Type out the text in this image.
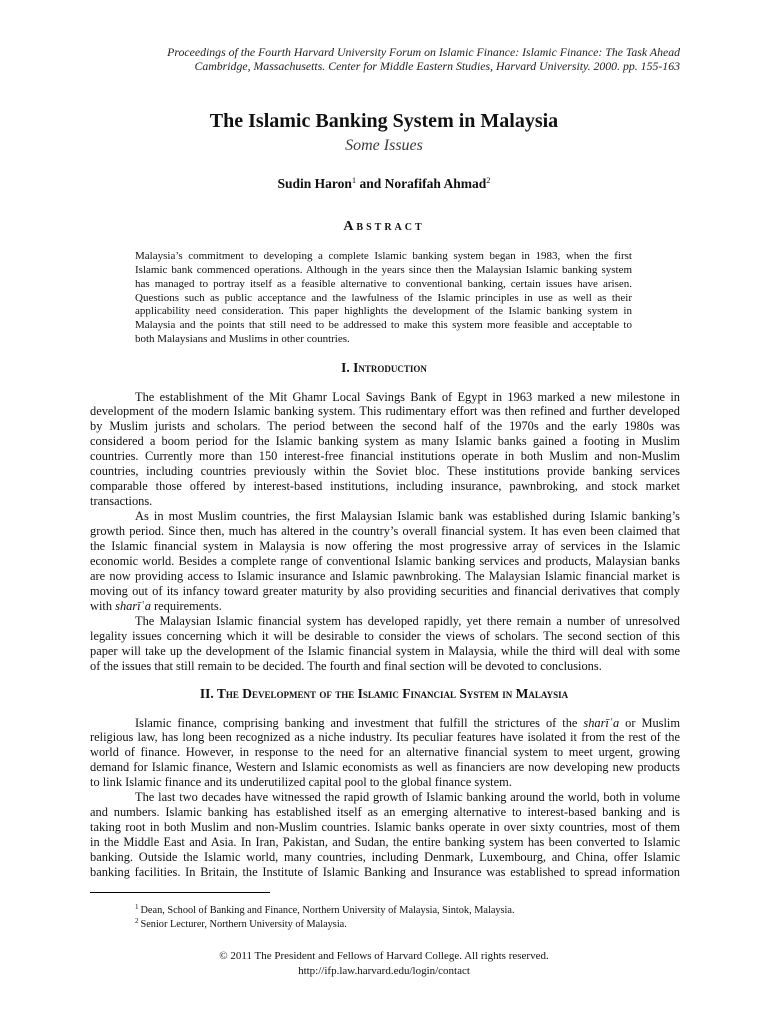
Proceedings of the Fourth Harvard University Forum on Islamic Finance: Islamic Finance: The Task Ahead
Cambridge, Massachusetts. Center for Middle Eastern Studies, Harvard University. 2000. pp. 155-163
The Islamic Banking System in Malaysia
Some Issues
Sudin Haron$^1$ and Norafifah Ahmad$^2$
Abstract
Malaysia’s commitment to developing a complete Islamic banking system began in 1983, when the first
Islamic bank commenced operations. Although in the years since then the Malaysian Islamic banking system
has managed to portray itself as a feasible alternative to conventional banking, certain issues have arisen.
Questions such as public acceptance and the lawfulness of the Islamic principles in use as well as their
applicability need consideration. This paper highlights the development of the Islamic banking system in
Malaysia and the points that still need to be addressed to make this system more feasible and acceptable to
both Malaysians and Muslims in other countries.
I. Introduction
The establishment of the Mit Ghamr Local Savings Bank of Egypt in 1963 marked a new milestone in
development of the modern Islamic banking system. This rudimentary effort was then refined and further developed
by Muslim jurists and scholars. The period between the second half of the 1970s and the early 1980s was
considered a boom period for the Islamic banking system as many Islamic banks gained a footing in Muslim
countries. Currently more than 150 interest-free financial institutions operate in both Muslim and non-Muslim
countries, including countries previously within the Soviet bloc. These institutions provide banking services
comparable those offered by interest-based institutions, including insurance, pawnbroking, and stock market
transactions.
As in most Muslim countries, the first Malaysian Islamic bank was established during Islamic banking’s
growth period. Since then, much has altered in the country’s overall financial system. It has even been claimed that
the Islamic financial system in Malaysia is now offering the most progressive array of services in the Islamic
economic world. Besides a complete range of conventional Islamic banking services and products, Malaysian banks
are now providing access to Islamic insurance and Islamic pawnbroking. The Malaysian Islamic financial market is
moving out of its infancy toward greater maturity by also providing securities and financial derivatives that comply
with sharīʿa requirements.
The Malaysian Islamic financial system has developed rapidly, yet there remain a number of unresolved
legality issues concerning which it will be desirable to consider the views of scholars. The second section of this
paper will take up the development of the Islamic financial system in Malaysia, while the third will deal with some
of the issues that still remain to be decided. The fourth and final section will be devoted to conclusions.
II. The Development of the Islamic Financial System in Malaysia
Islamic finance, comprising banking and investment that fulfill the strictures of the sharīʿa or Muslim
religious law, has long been recognized as a niche industry. Its peculiar features have isolated it from the rest of the
world of finance. However, in response to the need for an alternative financial system to meet urgent, growing
demand for Islamic finance, Western and Islamic economists as well as financiers are now developing new products
to link Islamic finance and its underutilized capital pool to the global finance system.
The last two decades have witnessed the rapid growth of Islamic banking around the world, both in volume
and numbers. Islamic banking has established itself as an emerging alternative to interest-based banking and is
taking root in both Muslim and non-Muslim countries. Islamic banks operate in over sixty countries, most of them
in the Middle East and Asia. In Iran, Pakistan, and Sudan, the entire banking system has been converted to Islamic
banking. Outside the Islamic world, many countries, including Denmark, Luxembourg, and China, offer Islamic
banking facilities. In Britain, the Institute of Islamic Banking and Insurance was established to spread information
$^1$ Dean, School of Banking and Finance, Northern University of Malaysia, Sintok, Malaysia.
$^2$ Senior Lecturer, Northern University of Malaysia.
© 2011 The President and Fellows of Harvard College. All rights reserved.
http://ifp.law.harvard.edu/login/contact
